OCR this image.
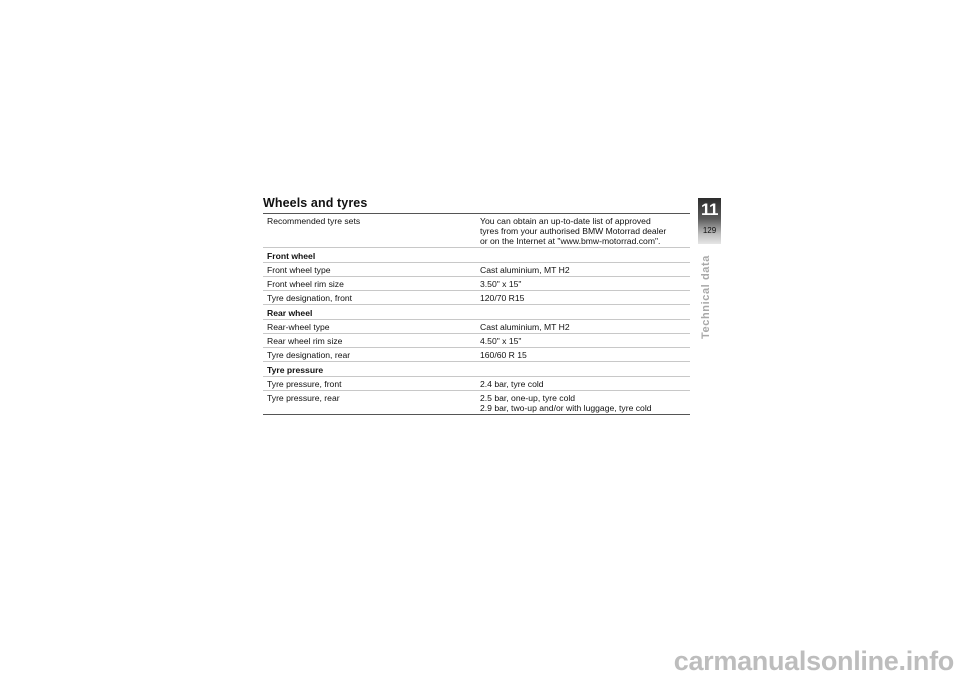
Wheels and tyres
Recommended tyre sets	You can obtain an up-to-date list of approved
tyres from your authorised BMW Motorrad dealer
or on the Internet at "www.bmw-motorrad.com".

Front wheel	
Front wheel type	Cast aluminium, MT H2
Front wheel rim size	3.50" x 15"
Tyre designation, front	120/70 R15
Rear wheel	
Rear-wheel type	Cast aluminium, MT H2
Rear wheel rim size	4.50" x 15"
Tyre designation, rear	160/60 R 15
Tyre pressure	
Tyre pressure, front	2.4 bar, tyre cold
Tyre pressure, rear	2.5 bar, one-up, tyre cold
2.9 bar, two-up and/or with luggage, tyre cold
11
129
Technical data
carmanualsonline.info
